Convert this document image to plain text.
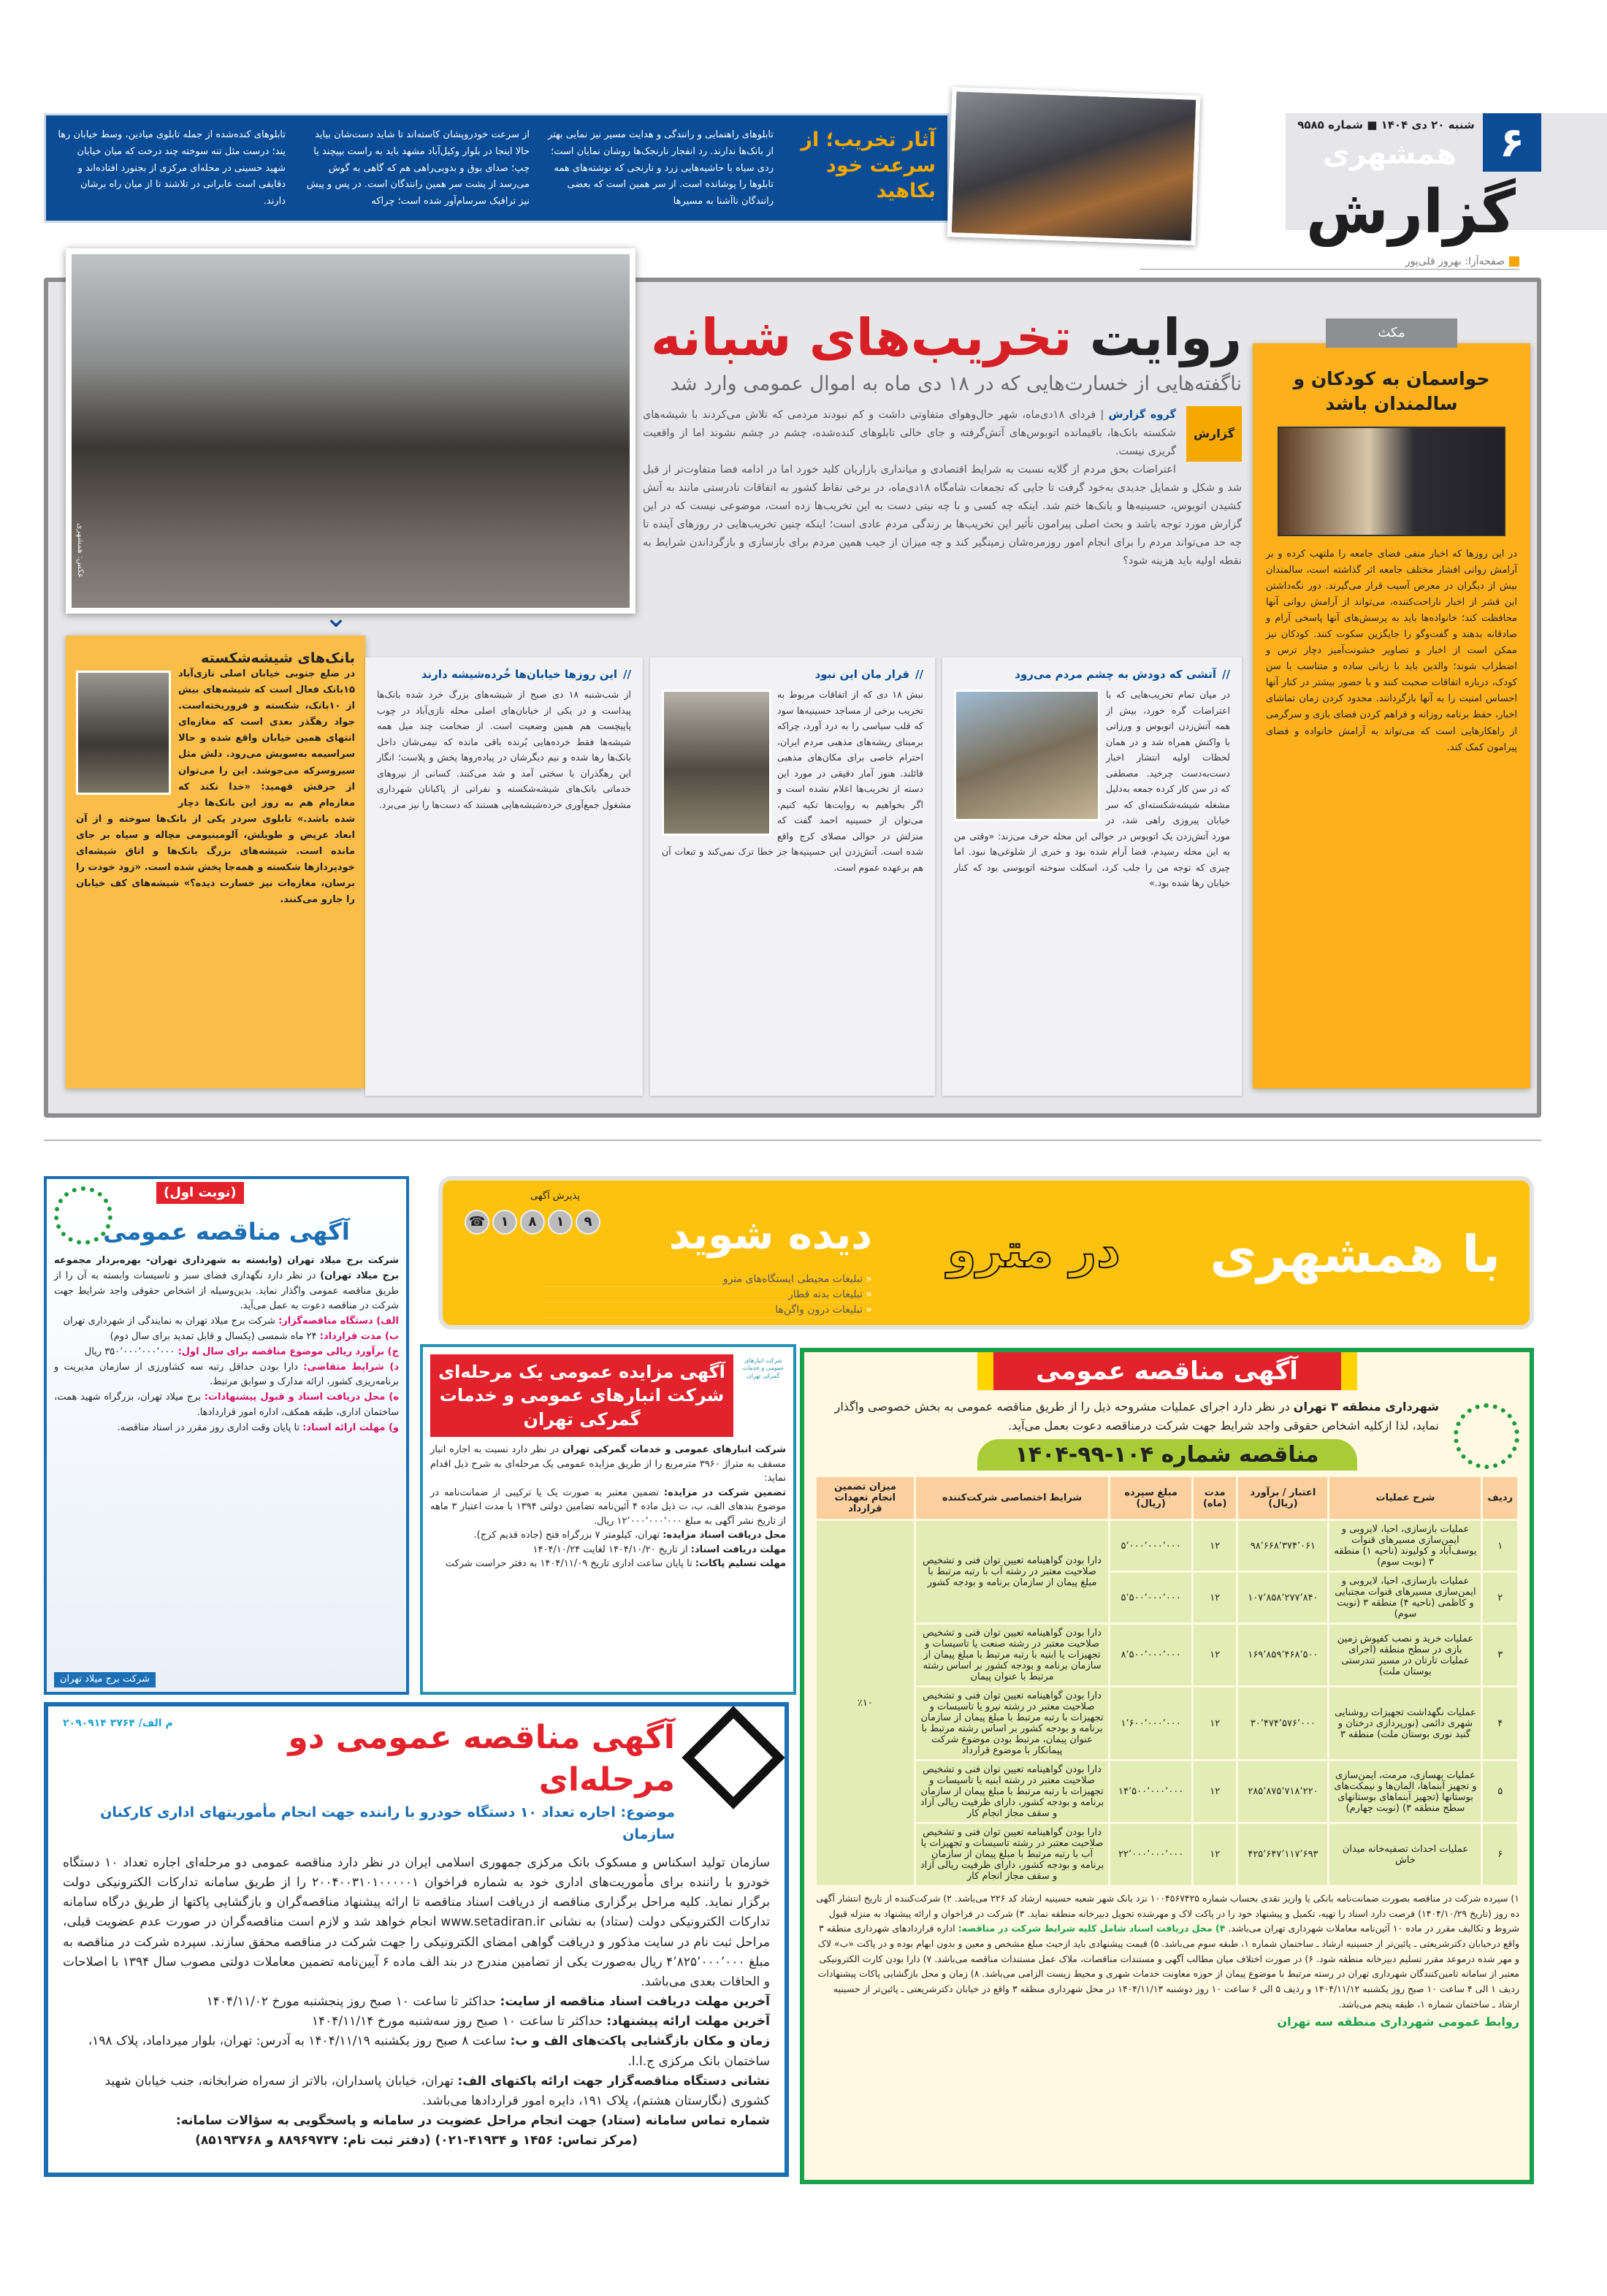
۶
شنبه ۲۰ دی ۱۴۰۴ ■ شماره ۹۵۸۵
همشهری
گزارش
صفحه‌آرا: بهروز قلی‌پور
آثار تخریب؛ از سرعت خود بکاهید

تابلوهای راهنمایی و رانندگی و هدایت مسیر نیز نمایی بهتر از بانک‌ها ندارند. رد انفجار نارنجک‌ها روشان نمایان است؛ ردی سیاه با حاشیه‌هایی زرد و نارنجی که نوشته‌های همه تابلوها را پوشانده است. از سر همین است که بعضی رانندگان ناآشنا به مسیرها

از سرعت خودروپشان کاسته‌اند تا شاید دست‌شان بیاید حالا اینجا در بلوار وکیل‌آباد مشهد باید به راست بپیچند یا چپ؛ صدای بوق و بدوبی‌راهی هم که گاهی به گوش می‌رسد از پشت سر همین رانندگان است. در پس و پیش نیز ترافیک سرسام‌آور شده است؛ چراکه

تابلوهای کنده‌شده از جمله تابلوی میادین، وسط خیابان رها یند؛ درست مثل تنه سوخته چند درخت که میان خیابان شهید حسینی در محله‌ای مرکزی از بجنورد افتاده‌اند و دقایقی است عابرانی در تلاشند تا از میان راه برشان دارند.

عکس: همشهری
روایت تخریب‌های شبانه
ناگفته‌هایی از خسارت‌هایی که در ۱۸ دی ماه به اموال عمومی وارد شد
گزارش
گروه گزارش | فردای ۱۸دی‌ماه، شهر حال‌وهوای متفاوتی داشت و کم نبودند مردمی که تلاش می‌کردند با شیشه‌های شکسته بانک‌ها، باقیمانده اتوبوس‌های آتش‌گرفته و جای خالی تابلوهای کنده‌شده، چشم در چشم نشوند اما از واقعیت گریزی نیست.
اعتراضات بحق مردم از گلایه نسبت به شرایط اقتصادی و میانداری بازاریان کلید خورد اما در ادامه فضا متفاوت‌تر از قبل شد و شکل و شمایل جدیدی به‌خود گرفت تا جایی که تجمعات شامگاه ۱۸دی‌ماه، در برخی نقاط کشور به اتفاقات نادرستی مانند به آتش کشیدن اتوبوس، حسینیه‌ها و بانک‌ها ختم شد. اینکه چه کسی و با چه نیتی دست به این تخریب‌ها زده است، موضوعی نیست که در این گزارش مورد توجه باشد و بحث اصلی پیرامون تأثیر این تخریب‌ها بر زندگی مردم عادی است؛ اینکه چنین تخریب‌هایی در روزهای آینده تا چه حد می‌تواند مردم را برای انجام امور روزمره‌شان زمینگیر کند و چه میزان از جیب همین مردم برای بازسازی و بازگرداندن شرایط به نقطه اولیه باید هزینه شود؟
⌄
مکث
حواسمان به کودکان و سالمندان باشد

در این روزها که اخبار منفی فضای جامعه را ملتهب کرده و بر آرامش روانی افشار مختلف جامعه اثر گذاشته است، سالمندان بیش از دیگران در معرض آسیب قرار می‌گیرند. دور نگه‌داشتن این قشر از اخبار ناراحت‌کننده، می‌تواند از آرامش روانی آنها محافظت کند؛ خانواده‌ها باید به پرسش‌های آنها پاسخی آرام و صادقانه بدهند و گفت‌وگو را جایگزین سکوت کنند. کودکان نیز ممکن است از اخبار و تصاویر خشونت‌آمیز دچار ترس و اضطراب شوند؛ والدین باید با زبانی ساده و متناسب با سن کودک، درباره اتفاقات صحبت کنند و با حضور بیشتر در کنار آنها احساس امنیت را به آنها بازگردانند. محدود کردن زمان تماشای اخبار، حفظ برنامه روزانه و فراهم کردن فضای بازی و سرگرمی از راهکارهایی است که می‌تواند به آرامش خانواده و فضای پیرامون کمک کند.

بانک‌های شیشه‌شکسته

در ضلع جنوبی خیابان اصلی نازی‌آباد ۱۵بانک فعال است که شیشه‌های بیش از ۱۰بانک، شکسته و فروریخته‌است. جواد رهگذر بعدی است که مغازه‌ای انتهای همین خیابان واقع شده و حالا سراسیمه به‌سویش می‌رود. دلش مثل سیروسرکه می‌جوشد. این را می‌توان از حرفش فهمید: «خدا نکند که مغازه‌ام هم به روز این بانک‌ها دچار شده باشد.» تابلوی سردر یکی از بانک‌ها سوخته و از آن ابعاد عریض و طویلش، آلومینیومی مچاله و سیاه بر جای مانده است. شیشه‌های بزرگ بانک‌ها و اتاق شیشه‌ای خودپردازها شکسته و همه‌جا پخش شده است. «زود خودت را برسان، مغازه‌ات نیز خسارت دیده؟» شیشه‌های کف خیابان را جارو می‌کنند.

// این روزها خیابان‌ها خُرده‌شیشه دارند

از شب‌شنبه ۱۸ دی صبح از شیشه‌های بزرگ خرد شده بانک‌ها پیداست و در یکی از خیابان‌های اصلی محله نازی‌آباد در چوب پاپیچست هم همین وضعیت است. از ضخامت چند میل همه شیشه‌ها فقط خرده‌هایی بُرنده باقی مانده که نیمی‌شان داخل بانک‌ها رها شده و نیم دیگرشان در پیاده‌روها پخش و پلاست؛ انگار این رهگذران با سختی آمد و شد می‌کنند. کسانی از نیروهای خدماتی بانک‌های شیشه‌شکسته و نفراتی از پاکبانان شهرداری مشغول جمع‌آوری خرده‌شیشه‌هایی هستند که دست‌ها را نیز می‌برد.

// قرار مان این نبود

نبش ۱۸ دی که از اتفاقات مربوط به تخریب برخی از مساجد حسینیه‌ها سود که قلب سیاسی را به درد آورد، چراکه برمبنای ریشه‌های مذهبی مردم ایران، احترام خاصی برای مکان‌های مذهبی قائلند. هنوز آمار دقیقی در مورد این دسته از تخریب‌ها اعلام نشده است و اگر بخواهیم به روایت‌ها تکیه کنیم، می‌توان از حسینیه احمد گفت که منزلش در حوالی مصلای کرج واقع شده است. آتش‌زدن این حسینیه‌ها جز خطا ترک نمی‌کند و تبعات آن هم برعهده عموم است.

// آتشی که دودش به چشم مردم می‌رود

در میان تمام تخریب‌هایی که با اعتراضات گره خورد، بیش از همه آتش‌زدن اتوبوس و ورزاتی با واکنش همراه شد و در همان لحظات اولیه انتشار اخبار دست‌به‌دست چرخید. مصطفی که در سن کار کرده جمعه به‌دلیل مشغله شیشه‌شکسته‌ای که سر خیابان پیروزی راهی شد، در مورد آتش‌زدن یک اتوبوس در حوالی این محله حرف می‌زند: «وقتی من به این محله رسیدم، فضا آرام شده بود و خبری از شلوغی‌ها نبود. اما چیزی که توجه من را جلب کرد، اسکلت سوخته اتوبوسی بود که کنار خیابان رها شده بود.»

با همشهری
در مترو
دیده شوید
« تبلیغات محیطی ایستگاه‌های مترو
« تبلیغات بدنه قطار
« تبلیغات درون واگن‌ها
پذیرش آگهی
☎	۱	۸	۱	۹
(نوبت اول)
آگهی مناقصه عمومی

شرکت برج میلاد تهران (وابسته به شهرداری تهران- بهره‌بردار مجموعه برج میلاد تهران) در نظر دارد نگهداری فضای سبز و تاسیسات وابسته به آن را از طریق مناقصه عمومی واگذار نماید. بدین‌وسیله از اشخاص حقوقی واجد شرایط جهت شرکت در مناقصه دعوت به عمل می‌آید.

الف) دستگاه مناقصه‌گزار: شرکت برج میلاد تهران به نمایندگی از شهرداری تهران

ب) مدت قرارداد: ۲۴ ماه شمسی (یکسال و قابل تمدید برای سال دوم)

ج) برآورد ریالی موضوع مناقصه برای سال اول: ۳۵۰٬۰۰۰٬۰۰۰٬۰۰۰ ریال

د) شرایط متقاضی: دارا بودن حداقل رتبه سه کشاورزی از سازمان مدیریت و برنامه‌ریزی کشور، ارائه مدارک و سوابق مرتبط.

ه) محل دریافت اسناد و قبول پیشنهادات: برج میلاد تهران، بزرگراه شهید همت، ساختمان اداری، طبقه همکف، اداره امور قراردادها.

و) مهلت ارائه اسناد: تا پایان وقت اداری روز مقرر در اسناد مناقصه.

شرکت برج میلاد تهران

شرکت انبارهای عمومی و خدمات گمرکی تهران
آگهی مزایده عمومی یک مرحله‌ای شرکت انبارهای عمومی و خدمات گمرکی تهران

شرکت انبارهای عمومی و خدمات گمرکی تهران در نظر دارد نسبت به اجاره انبار مسقف به متراژ ۳۹۶۰ مترمربع را از طریق مزایده عمومی یک مرحله‌ای به شرح ذیل اقدام نماید:

تضمین شرکت در مزایده: تضمین معتبر به صورت یک یا ترکیبی از ضمانت‌نامه در موضوع بندهای الف، ب، ت ذیل ماده ۴ آئین‌نامه تضامین دولتی ۱۳۹۴ با مدت اعتبار ۳ ماهه از تاریخ نشر آگهی به مبلغ ۱۲٬۰۰۰٬۰۰۰٬۰۰۰ ریال.

محل دریافت اسناد مزایده: تهران، کیلومتر ۷ بزرگراه فتح (جاده قدیم کرج).

مهلت دریافت اسناد: از تاریخ ۱۴۰۴/۱۰/۲۰ لغایت ۱۴۰۴/۱۰/۲۴

مهلت تسلیم پاکات: تا پایان ساعت اداری تاریخ ۱۴۰۴/۱۱/۰۹ به دفتر حراست شرکت

م الف/ ۳۷۶۴ ۲۰۹۰۹۱۴	آگهی مناقصه عمومی دو مرحله‌ای
موضوع: اجاره تعداد ۱۰ دستگاه خودرو با راننده جهت انجام مأموریتهای اداری کارکنان سازمان

سازمان تولید اسکناس و مسکوک بانک مرکزی جمهوری اسلامی ایران در نظر دارد مناقصه عمومی دو مرحله‌ای اجاره تعداد ۱۰ دستگاه خودرو با راننده برای مأموریت‌های اداری خود به شماره فراخوان ۲۰۰۴۰۰۳۱۰۱۰۰۰۰۰۱ را از طریق سامانه تدارکات الکترونیکی دولت برگزار نماید. کلیه مراحل برگزاری مناقصه از دریافت اسناد مناقصه تا ارائه پیشنهاد مناقصه‌گران و بازگشایی پاکتها از طریق درگاه سامانه تدارکات الکترونیکی دولت (ستاد) به نشانی www.setadiran.ir انجام خواهد شد و لازم است مناقصه‌گران در صورت عدم عضویت قبلی، مراحل ثبت نام در سایت مذکور و دریافت گواهی امضای الکترونیکی را جهت شرکت در مناقصه محقق سازند. سپرده شرکت در مناقصه به مبلغ ۴٬۸۲۵٬۰۰۰٬۰۰۰ ریال به‌صورت یکی از تضامین مندرج در بند الف ماده ۶ آیین‌نامه تضمین معاملات دولتی مصوب سال ۱۳۹۴ با اصلاحات و الحاقات بعدی می‌باشد.

آخرین مهلت دریافت اسناد مناقصه از سایت: حداکثر تا ساعت ۱۰ صبح روز پنجشنبه مورخ ۱۴۰۴/۱۱/۰۲

آخرین مهلت ارائه پیشنهاد: حداکثر تا ساعت ۱۰ صبح روز سه‌شنبه مورخ ۱۴۰۴/۱۱/۱۴

زمان و مکان بازگشایی پاکت‌های الف و ب: ساعت ۸ صبح روز یکشنبه ۱۴۰۴/۱۱/۱۹ به آدرس: تهران، بلوار میرداماد، پلاک ۱۹۸، ساختمان بانک مرکزی ج.ا.ا.

نشانی دستگاه مناقصه‌گزار جهت ارائه پاکتهای الف: تهران، خیابان پاسداران، بالاتر از سه‌راه ضرابخانه، جنب خیابان شهید کشوری (نگارستان هشتم)، پلاک ۱۹۱، دایره امور قراردادها می‌باشد.

شماره تماس سامانه (ستاد) جهت انجام مراحل عضویت در سامانه و پاسخگویی به سؤالات سامانه:

(مرکز تماس: ۱۴۵۶ و ۴۱۹۳۴-۰۲۱) (دفتر ثبت نام: ۸۸۹۶۹۷۳۷ و ۸۵۱۹۳۷۶۸)

آگهی مناقصه عمومی

شهرداری منطقه ۳ تهران در نظر دارد اجرای عملیات مشروحه ذیل را از طریق مناقصه عمومی به بخش خصوصی واگذار نماید، لذا ازکلیه اشخاص حقوقی واجد شرایط جهت شرکت درمناقصه دعوت بعمل می‌آید.

مناقصه شماره ۱۰۴-۹۹-۱۴۰۴
ردیف	شرح عملیات	اعتبار / برآورد (ریال)	مدت (ماه)	مبلغ سپرده (ریال)	شرایط اختصاصی شرکت‌کننده	میزان تضمین انجام تعهدات قرارداد
۱	عملیات بازسازی، احیا، لایروبی و ایمن‌سازی مسیرهای قنوات یوسف‌آباد و کولیوند (ناحیه ۱) منطقه ۳ (نوبت سوم)	۹۸٬۶۶۸٬۳۷۴٬۰۶۱	۱۲	۵٬۰۰۰٬۰۰۰٬۰۰۰	دارا بودن گواهینامه تعیین توان فنی و تشخیص صلاحیت معتبر در رشته آب با رتبه مرتبط با مبلغ پیمان از سازمان برنامه و بودجه کشور	٪۱۰
۲	عملیات بازسازی، احیا، لایروبی و ایمن‌سازی مسیرهای قنوات مجتبایی و کاظمی (ناحیه ۴) منطقه ۳ (نوبت سوم)	۱۰۷٬۸۵۸٬۲۷۷٬۸۴۰	۱۲	۵٬۵۰۰٬۰۰۰٬۰۰۰		
۳	عملیات خرید و نصب کفپوش زمین بازی در سطح منطقه (اجرای عملیات تارتان در مسیر تندرستی بوستان ملت)	۱۶۹٬۸۵۹٬۴۶۸٬۵۰۰	۱۲	۸٬۵۰۰٬۰۰۰٬۰۰۰	دارا بودن گواهینامه تعیین توان فنی و تشخیص صلاحیت معتبر در رشته صنعت یا تاسیسات و تجهیزات یا ابنیه با رتبه مرتبط با مبلغ پیمان از سازمان برنامه و بودجه کشور بر اساس رشته مرتبط با عنوان پیمان	
۴	عملیات نگهداشت تجهیزات روشنایی شهری دائمی (نورپردازی درختان و گنبد نوری بوستان ملت) منطقه ۳	۳۰٬۴۷۴٬۵۷۶٬۰۰۰	۱۲	۱٬۶۰۰٬۰۰۰٬۰۰۰	دارا بودن گواهینامه تعیین توان فنی و تشخیص صلاحیت معتبر در رشته نیرو یا تاسیسات و تجهیزات با رتبه مرتبط با مبلغ پیمان از سازمان برنامه و بودجه کشور بر اساس رشته مرتبط با عنوان پیمان، مرتبط بودن موضوع شرکت پیمانکار با موضوع قرارداد	
۵	عملیات بهسازی، مرمت، ایمن‌سازی و تجهیز آبنماها، المان‌ها و نیمکت‌های بوستانها (تجهیز آبنماهای بوستانهای سطح منطقه ۳) (نوبت چهارم)	۲۸۵٬۸۷۵٬۷۱۸٬۲۲۰	۱۲	۱۴٬۵۰۰٬۰۰۰٬۰۰۰	دارا بودن گواهینامه تعیین توان فنی و تشخیص صلاحیت معتبر در رشته ابنیه یا تاسیسات و تجهیزات با رتبه مرتبط با مبلغ پیمان از سازمان برنامه و بودجه کشور، دارای ظرفیت ریالی آزاد و سقف مجاز انجام کار	
۶	عملیات احداث تصفیه‌خانه میدان خاش	۴۲۵٬۶۴۷٬۱۱۷٬۶۹۳	۱۲	۲۲٬۰۰۰٬۰۰۰٬۰۰۰	دارا بودن گواهینامه تعیین توان فنی و تشخیص صلاحیت معتبر در رشته تاسیسات و تجهیزات یا آب با رتبه مرتبط با مبلغ پیمان از سازمان برنامه و بودجه کشور، دارای ظرفیت ریالی آزاد و سقف مجاز انجام کار	
۱) سپرده شرکت در مناقصه بصورت ضمانت‌نامه بانکی یا واریز نقدی بحساب شماره ۱۰۰۴۵۶۷۴۲۵ نزد بانک شهر شعبه حسینیه ارشاد کد ۲۲۶ می‌باشد. ۲) شرکت‌کننده از تاریخ انتشار آگهی ده روز (تاریخ ۱۴۰۴/۱۰/۲۹) فرصت دارد اسناد را تهیه، تکمیل و پیشنهاد خود را در پاکت لاک و مهرشده تحویل دبیرخانه منطقه نماید. ۳) شرکت در فراخوان و ارائه پیشنهاد به منزله قبول شروط و تکالیف مقرر در ماده ۱۰ آئین‌نامه معاملات شهرداری تهران می‌باشد. ۴) محل دریافت اسناد شامل کلیه شرایط شرکت در مناقصه: اداره قراردادهای شهرداری منطقه ۳ واقع درخیابان دکترشریعتی ـ پائین‌تر از حسینیه ارشاد ـ ساختمان شماره ۱، طبقه سوم می‌باشد. ۵) قیمت پیشنهادی باید ازحیث مبلغ مشخص و معین و بدون ابهام بوده و در پاکت «ب» لاک و مهر شده درموعد مقرر تسلیم دبیرخانه منطقه شود. ۶) در صورت اختلاف میان مطالب آگهی و مستندات مناقصات، ملاک عمل مستندات مناقصه می‌باشد. ۷) دارا بودن کارت الکترونیکی معتبر از سامانه تامین‌کنندگان شهرداری تهران در رسته مرتبط با موضوع پیمان از حوزه معاونت خدمات شهری و محیط زیست الزامی می‌باشد. ۸) زمان و محل بازگشایی پاکات پیشنهادات ردیف ۱ الی ۴ ساعت ۱۰ صبح روز یکشنبه ۱۴۰۴/۱۱/۱۲ و ردیف ۵ الی ۶ ساعت ۱۰ روز دوشنبه ۱۴۰۴/۱۱/۱۳ در محل شهرداری منطقه ۳ واقع در خیابان دکترشریعتی ـ پائین‌تر از حسینیه ارشاد ـ ساختمان شماره ۱، طبقه پنجم می‌باشد.
روابط عمومی شهرداری منطقه سه تهران
